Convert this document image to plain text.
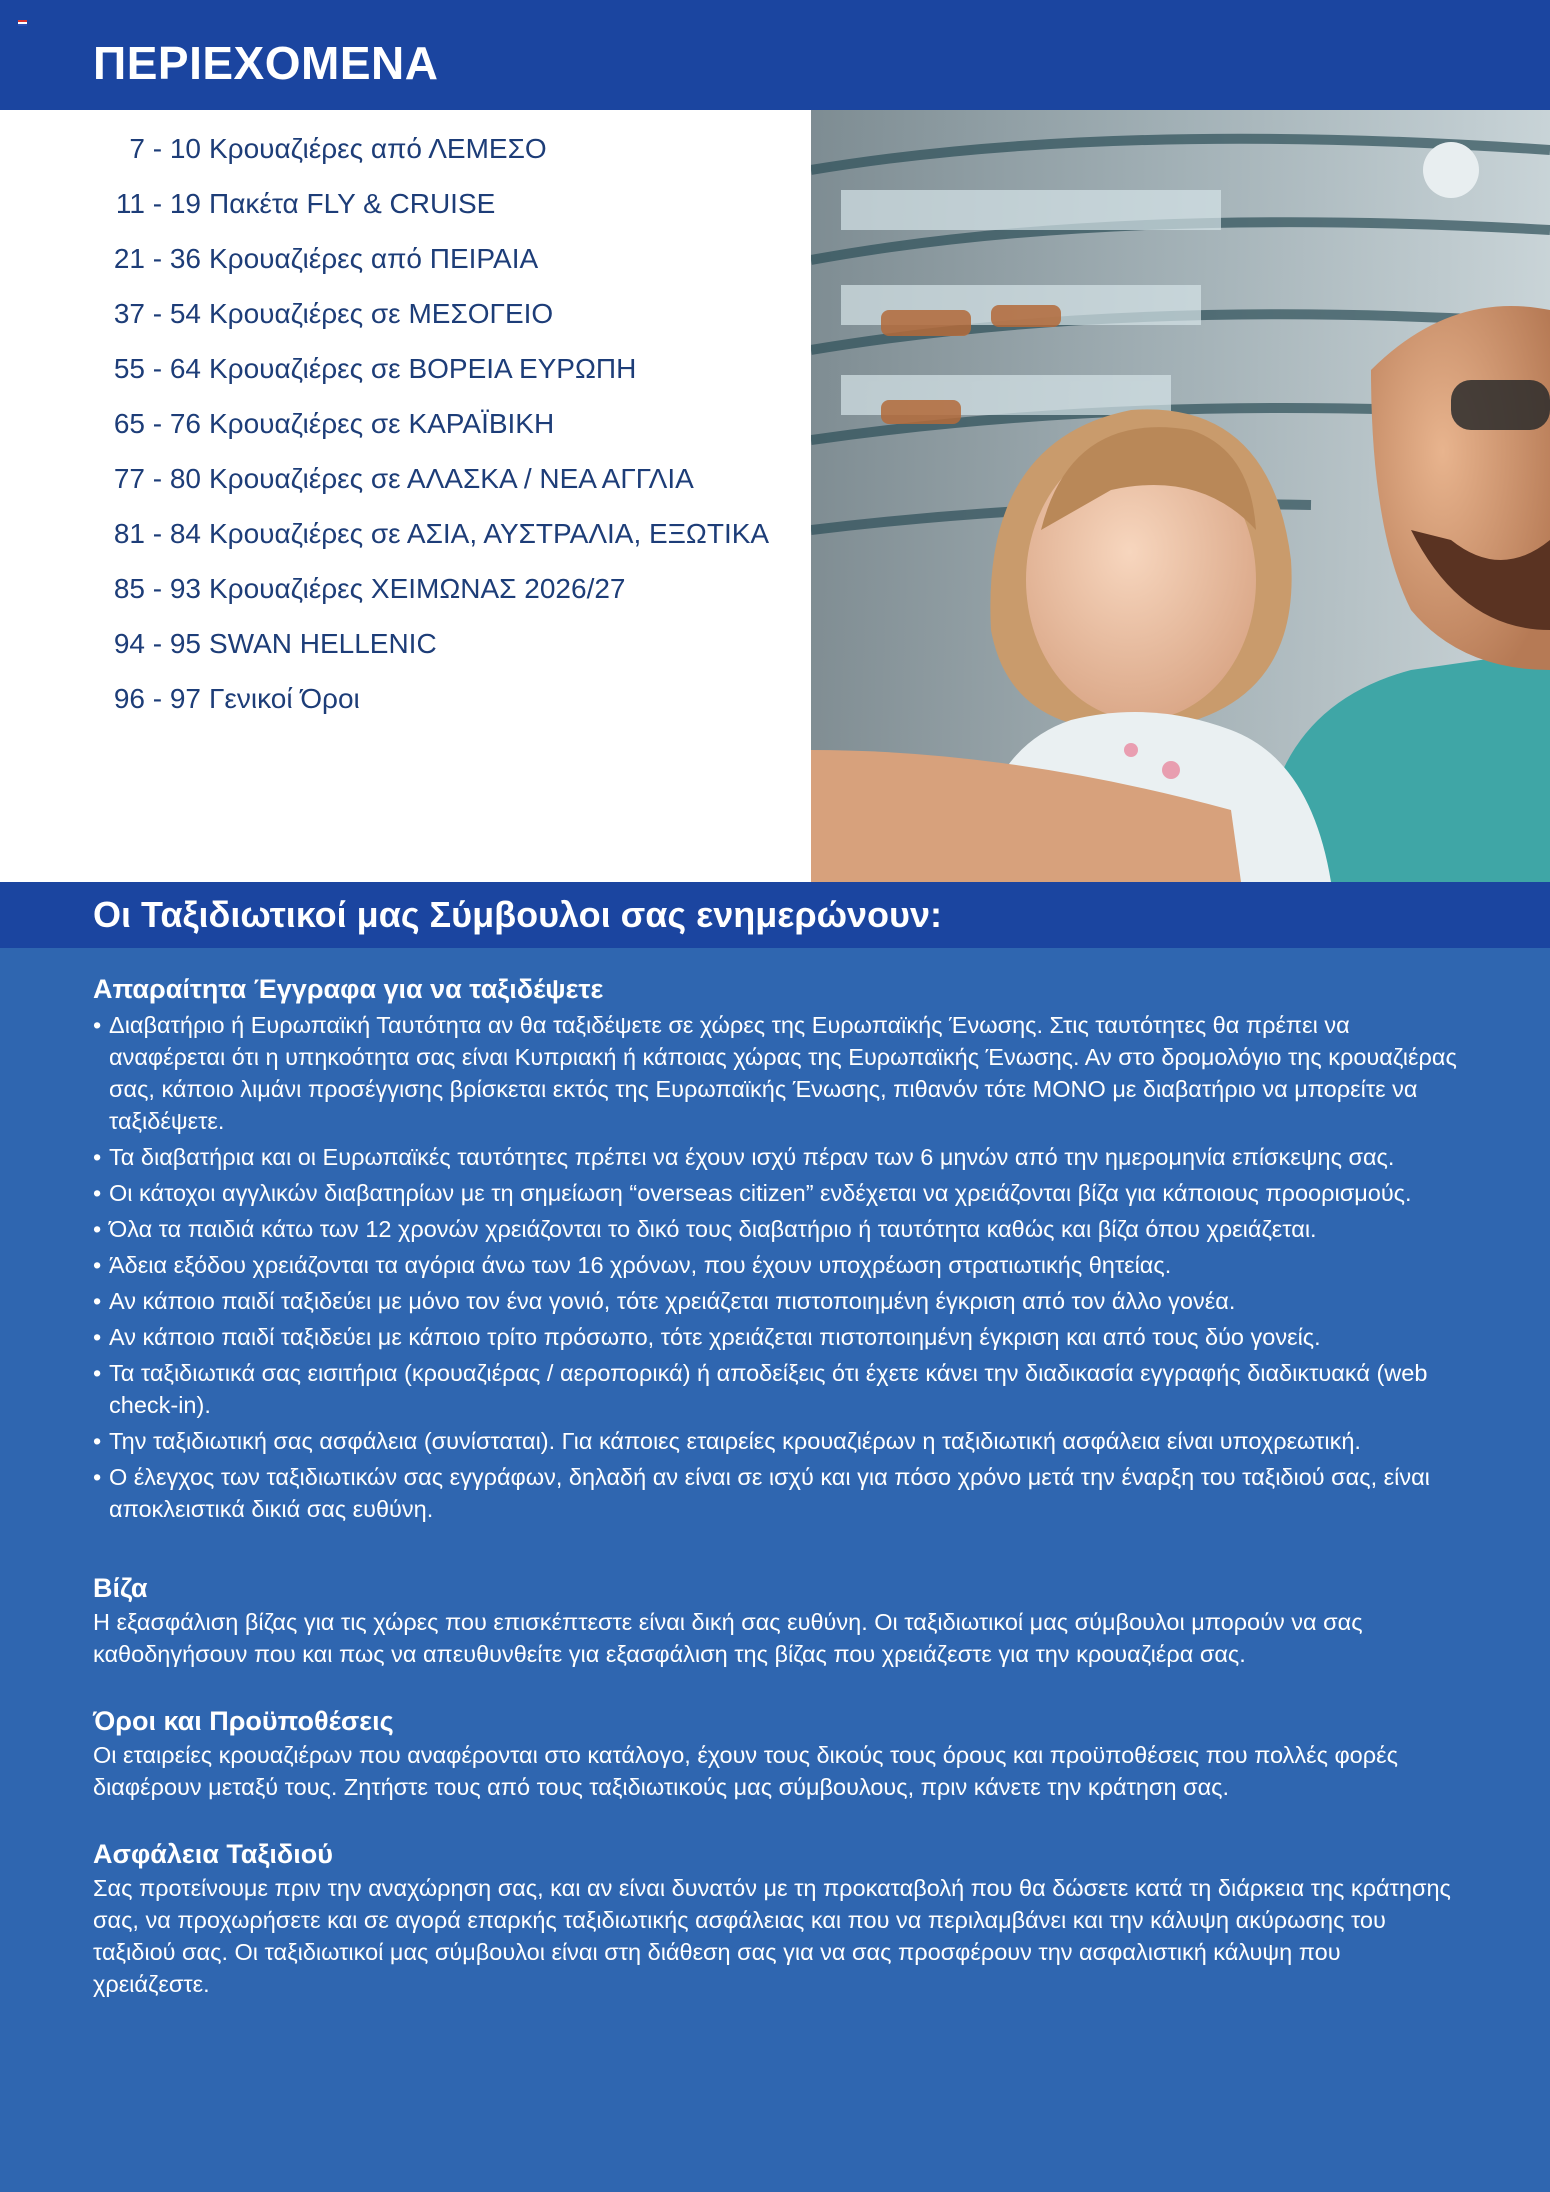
ΠΕΡΙΕΧΟΜΕΝΑ
7 - 10 Κρουαζιέρες από ΛΕΜΕΣΟ
11 - 19 Πακέτα FLY & CRUISE
21 - 36 Κρουαζιέρες από ΠΕΙΡΑΙΑ
37 - 54 Κρουαζιέρες σε ΜΕΣΟΓΕΙΟ
55 - 64 Κρουαζιέρες σε ΒΟΡΕΙΑ ΕΥΡΩΠΗ
65 - 76 Κρουαζιέρες σε ΚΑΡΑΪΒΙΚΗ
77 - 80 Κρουαζιέρες σε ΑΛΑΣΚΑ / ΝΕΑ ΑΓΓΛΙΑ
81 - 84 Κρουαζιέρες σε ΑΣΙΑ, ΑΥΣΤΡΑΛΙΑ, ΕΞΩΤΙΚΑ
85 - 93 Κρουαζιέρες ΧΕΙΜΩΝΑΣ 2026/27
94 - 95 SWAN HELLENIC
96 - 97 Γενικοί Όροι
Οι Ταξιδιωτικοί μας Σύμβουλοι σας ενημερώνουν:
Απαραίτητα Έγγραφα για να ταξιδέψετε
• Διαβατήριο ή Ευρωπαϊκή Ταυτότητα αν θα ταξιδέψετε σε χώρες της Ευρωπαϊκής Ένωσης. Στις ταυτότητες θα πρέπει να αναφέρεται ότι η υπηκοότητα σας είναι Κυπριακή ή κάποιας χώρας της Ευρωπαϊκής Ένωσης. Αν στο δρομολόγιο της κρουαζιέρας σας, κάποιο λιμάνι προσέγγισης βρίσκεται εκτός της Ευρωπαϊκής Ένωσης, πιθανόν τότε ΜΟΝΟ με διαβατήριο να μπορείτε να ταξιδέψετε.
• Τα διαβατήρια και οι Ευρωπαϊκές ταυτότητες πρέπει να έχουν ισχύ πέραν των 6 μηνών από την ημερομηνία επίσκεψης σας.
• Οι κάτοχοι αγγλικών διαβατηρίων με τη σημείωση “overseas citizen” ενδέχεται να χρειάζονται βίζα για κάποιους προορισμούς.
• Όλα τα παιδιά κάτω των 12 χρονών χρειάζονται το δικό τους διαβατήριο ή ταυτότητα καθώς και βίζα όπου χρειάζεται.
• Άδεια εξόδου χρειάζονται τα αγόρια άνω των 16 χρόνων, που έχουν υποχρέωση στρατιωτικής θητείας.
• Αν κάποιο παιδί ταξιδεύει με μόνο τον ένα γονιό, τότε χρειάζεται πιστοποιημένη έγκριση από τον άλλο γονέα.
• Αν κάποιο παιδί ταξιδεύει με κάποιο τρίτο πρόσωπο, τότε χρειάζεται πιστοποιημένη έγκριση και από τους δύο γονείς.
• Τα ταξιδιωτικά σας εισιτήρια (κρουαζιέρας / αεροπορικά) ή αποδείξεις ότι έχετε κάνει την διαδικασία εγγραφής διαδικτυακά (web check-in).
• Την ταξιδιωτική σας ασφάλεια (συνίσταται). Για κάποιες εταιρείες κρουαζιέρων η ταξιδιωτική ασφάλεια είναι υποχρεωτική.
• Ο έλεγχος των ταξιδιωτικών σας εγγράφων, δηλαδή αν είναι σε ισχύ και για πόσο χρόνο μετά την έναρξη του ταξιδιού σας, είναι αποκλειστικά δικιά σας ευθύνη.
Βίζα

Η εξασφάλιση βίζας για τις χώρες που επισκέπτεστε είναι δική σας ευθύνη. Οι ταξιδιωτικοί μας σύμβουλοι μπορούν να σας καθοδηγήσουν που και πως να απευθυνθείτε για εξασφάλιση της βίζας που χρειάζεστε για την κρουαζιέρα σας.

Όροι και Προϋποθέσεις

Οι εταιρείες κρουαζιέρων που αναφέρονται στο κατάλογο, έχουν τους δικούς τους όρους και προϋποθέσεις που πολλές φορές διαφέρουν μεταξύ τους. Ζητήστε τους από τους ταξιδιωτικούς μας σύμβουλους, πριν κάνετε την κράτηση σας.

Ασφάλεια Ταξιδιού

Σας προτείνουμε πριν την αναχώρηση σας, και αν είναι δυνατόν με τη προκαταβολή που θα δώσετε κατά τη διάρκεια της κράτησης σας, να προχωρήσετε και σε αγορά επαρκής ταξιδιωτικής ασφάλειας και που να περιλαμβάνει και την κάλυψη ακύρωσης του ταξιδιού σας. Οι ταξιδιωτικοί μας σύμβουλοι είναι στη διάθεση σας για να σας προσφέρουν την ασφαλιστική κάλυψη που χρειάζεστε.
